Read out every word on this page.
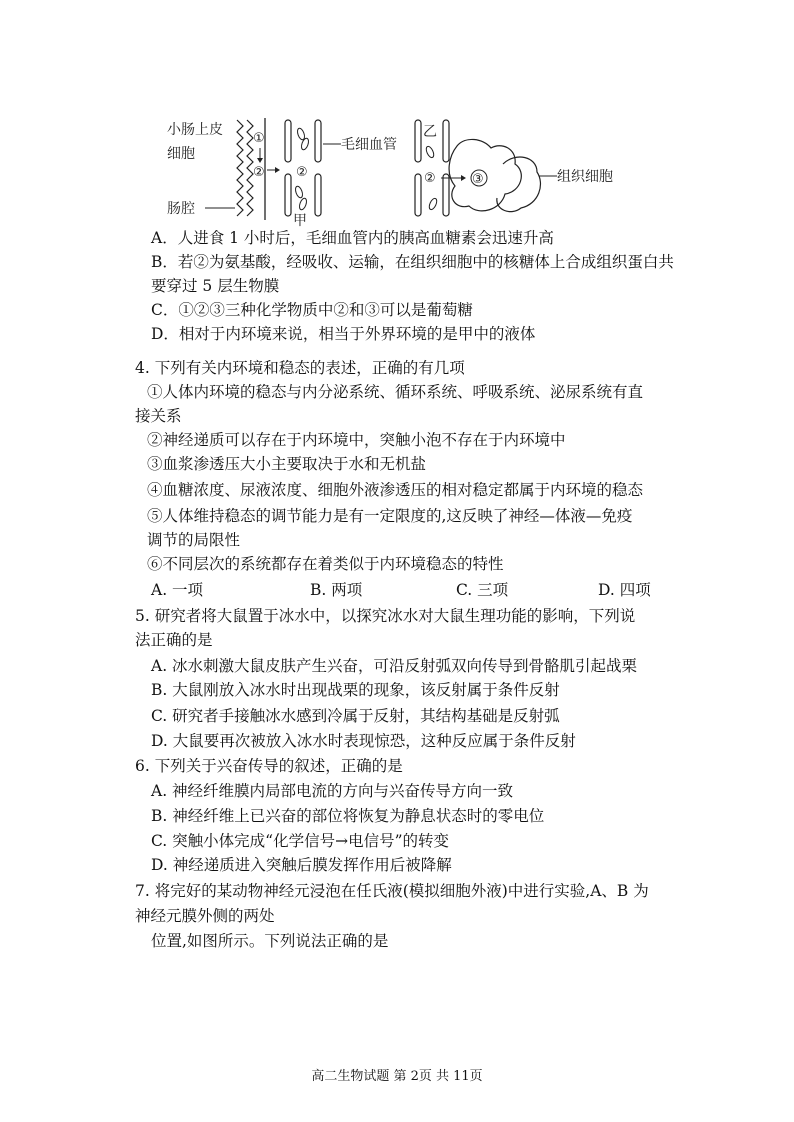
小肠上皮
细胞
肠腔
①
② ②
甲
毛细血管
乙
②	③	组织细胞
A．人进食 1 小时后，毛细血管内的胰高血糖素会迅速升高
B．若②为氨基酸，经吸收、运输，在组织细胞中的核糖体上合成组织蛋白共
要穿过 5 层生物膜
C．①②③三种化学物质中②和③可以是葡萄糖
D．相对于内环境来说，相当于外界环境的是甲中的液体
4. 下列有关内环境和稳态的表述，正确的有几项
①人体内环境的稳态与内分泌系统、循环系统、呼吸系统、泌尿系统有直
接关系
②神经递质可以存在于内环境中，突触小泡不存在于内环境中
③血浆渗透压大小主要取决于水和无机盐
④血糖浓度、尿液浓度、细胞外液渗透压的相对稳定都属于内环境的稳态
⑤人体维持稳态的调节能力是有一定限度的,这反映了神经—体液—免疫
调节的局限性
⑥不同层次的系统都存在着类似于内环境稳态的特性
A. 一项	B. 两项	C. 三项	D. 四项
5. 研究者将大鼠置于冰水中，以探究冰水对大鼠生理功能的影响，下列说
法正确的是
A. 冰水刺激大鼠皮肤产生兴奋，可沿反射弧双向传导到骨骼肌引起战栗
B. 大鼠刚放入冰水时出现战栗的现象，该反射属于条件反射
C. 研究者手接触冰水感到冷属于反射，其结构基础是反射弧
D. 大鼠要再次被放入冰水时表现惊恐，这种反应属于条件反射
6. 下列关于兴奋传导的叙述，正确的是
A. 神经纤维膜内局部电流的方向与兴奋传导方向一致
B. 神经纤维上已兴奋的部位将恢复为静息状态时的零电位
C. 突触小体完成“化学信号→电信号”的转变
D. 神经递质进入突触后膜发挥作用后被降解
7. 将完好的某动物神经元浸泡在任氏液(模拟细胞外液)中进行实验,A、B 为
神经元膜外侧的两处
位置,如图所示。下列说法正确的是
高二生物试题 第 2页 共 11页
